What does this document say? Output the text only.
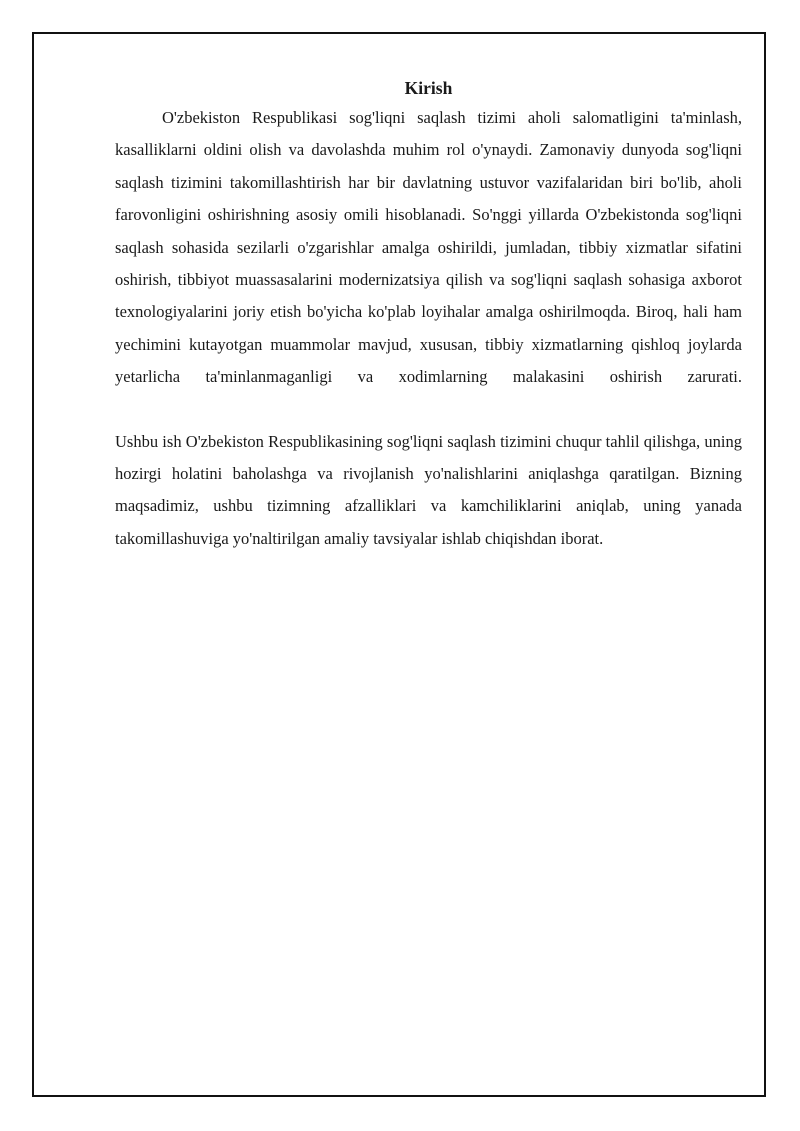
Kirish

O'zbekiston Respublikasi sog'liqni saqlash tizimi aholi salomatligini ta'minlash, kasalliklarni oldini olish va davolashda muhim rol o'ynaydi. Zamonaviy dunyoda sog'liqni saqlash tizimini takomillashtirish har bir davlatning ustuvor vazifalaridan biri bo'lib, aholi farovonligini oshirishning asosiy omili hisoblanadi. So'nggi yillarda O'zbekistonda sog'liqni saqlash sohasida sezilarli o'zgarishlar amalga oshirildi, jumladan, tibbiy xizmatlar sifatini oshirish, tibbiyot muassasalarini modernizatsiya qilish va sog'liqni saqlash sohasiga axborot texnologiyalarini joriy etish bo'yicha ko'plab loyihalar amalga oshirilmoqda. Biroq, hali ham yechimini kutayotgan muammolar mavjud, xususan, tibbiy xizmatlarning qishloq joylarda yetarlicha ta'minlanmaganligi va xodimlarning malakasini oshirish zarurati.

Ushbu ish O'zbekiston Respublikasining sog'liqni saqlash tizimini chuqur tahlil qilishga, uning hozirgi holatini baholashga va rivojlanish yo'nalishlarini aniqlashga qaratilgan. Bizning maqsadimiz, ushbu tizimning afzalliklari va kamchiliklarini aniqlab, uning yanada takomillashuviga yo'naltirilgan amaliy tavsiyalar ishlab chiqishdan iborat.
